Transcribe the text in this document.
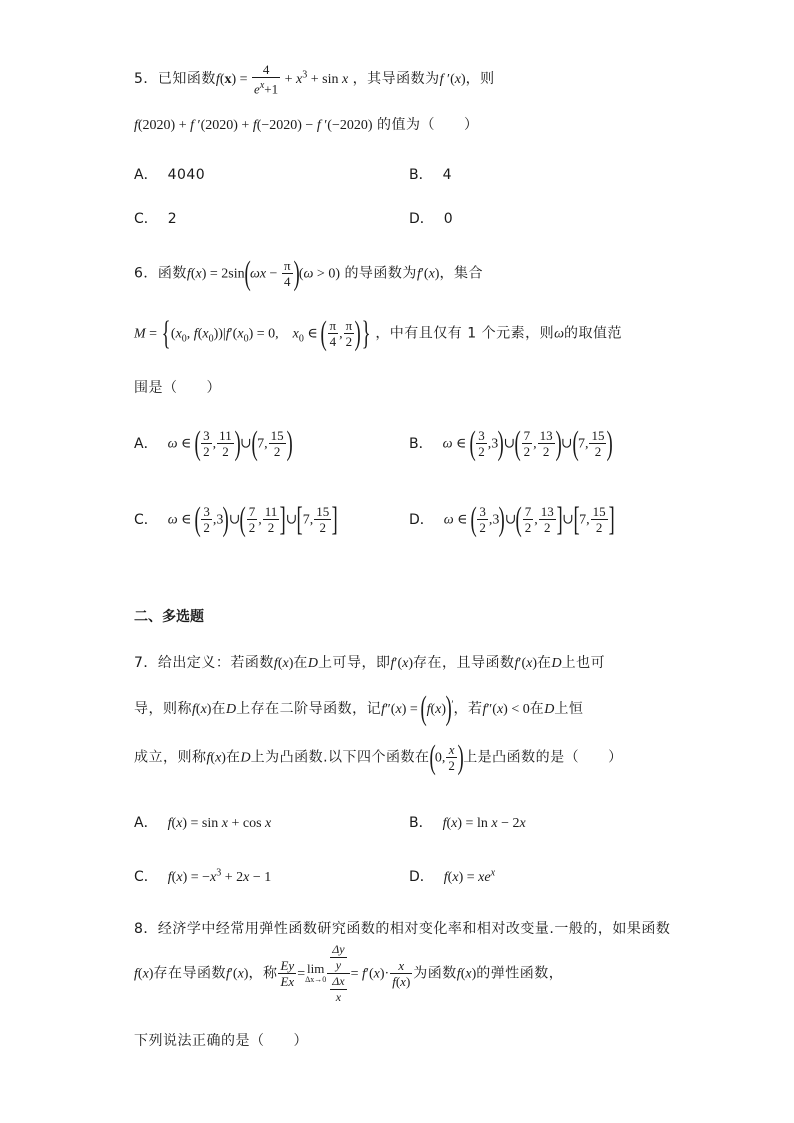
5．已知函数$f(x) = \frac{4}{e^x+1} + x^3 + \sin x$ ，其导函数为f ′(x)，则
f(2020) + f ′(2020) + f(−2020) − f ′(−2020) 的值为（　　）
A． 4040	B． 4
C． 2	D． 0
6．函数$f(x) = 2\sin(\omega x - \frac{\pi}{4} )(\omega > 0)$ 的导函数为f′(x)，集合
$M = \{(x_0$, $f(x_0))|f'(x_0) = 0$,　$x_0$ ∈ ( $\frac{\pi}{4}$ , $\frac{\pi}{2}$ )} ，中有且仅有 1 个元素，则ω的取值范
围是（　　）
A． ω ∈ ( $\frac{3}{2}$ , $\frac{11}{2}$ )∪(7, $\frac{15}{2}$ )	B． ω ∈ ( $\frac{3}{2}$ ,3)∪( $\frac{7}{2}$ , $\frac{13}{2}$ )∪(7, $\frac{15}{2}$ )
C． ω ∈ ( $\frac{3}{2}$ ,3)∪( $\frac{7}{2}$ , $\frac{11}{2}$ ]∪[7, $\frac{15}{2}$ ]	D． ω ∈ ( $\frac{3}{2}$ ,3)∪( $\frac{7}{2}$ , $\frac{13}{2}$ ]∪[7, $\frac{15}{2}$ ]
二、多选题
7．给出定义：若函数f(x)在D上可导，即f′(x)存在，且导函数f′(x)在D上也可
导，则称f(x)在D上存在二阶导函数，记f″(x) = (f(x))′，若f″(x) < 0在D上恒
成立，则称f(x)在D上为凸函数.以下四个函数在(0, $\frac{x}{2}$ )上是凸函数的是（　　）
A． f(x) = sin x + cos x	B． f(x) = ln x − 2x
C． $f(x) = -x^3 + 2x - 1$	D． $f(x) = xe^x$
8．经济学中经常用弹性函数研究函数的相对变化率和相对改变量.一般的，如果函数
f(x)存在导函数f′(x)，称 $\frac{Ey}{Ex} = \lim$
$\Delta x\to 0 \frac{\frac{\Delta y}{y}}{\frac{\Delta x}{x}} = f'(x)\cdot \frac{x}{f(x)}$ 为函数f(x)的弹性函数，
下列说法正确的是（　　）
